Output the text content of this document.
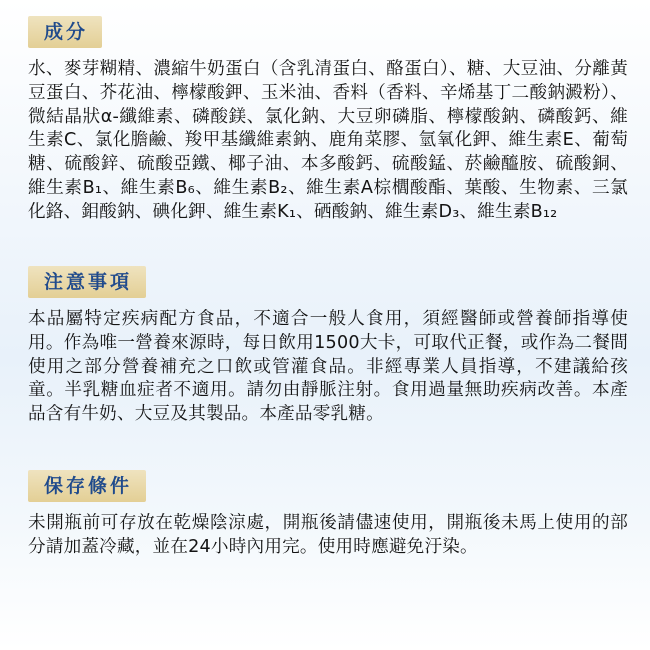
成分
水、麥芽糊精、濃縮牛奶蛋白（含乳清蛋白、酪蛋白）、糖、大豆油、分離黃豆蛋白、芥花油、檸檬酸鉀、玉米油、香料（香料、辛烯基丁二酸鈉澱粉）、微結晶狀α-纖維素、磷酸鎂、氯化鈉、大豆卵磷脂、檸檬酸鈉、磷酸鈣、維生素C、氯化膽鹼、羧甲基纖維素鈉、鹿角菜膠、氫氧化鉀、維生素E、葡萄糖、硫酸鋅、硫酸亞鐵、椰子油、本多酸鈣、硫酸錳、菸鹼醯胺、硫酸銅、維生素B₁、維生素B₆、維生素B₂、維生素A棕櫚酸酯、葉酸、生物素、三氯化鉻、鉬酸鈉、碘化鉀、維生素K₁、硒酸鈉、維生素D₃、維生素B₁₂
注意事項
本品屬特定疾病配方食品，不適合一般人食用，須經醫師或營養師指導使用。作為唯一營養來源時，每日飲用1500大卡，可取代正餐，或作為二餐間使用之部分營養補充之口飲或管灌食品。非經專業人員指導，不建議給孩童。半乳糖血症者不適用。請勿由靜脈注射。食用過量無助疾病改善。本產品含有牛奶、大豆及其製品。本產品零乳糖。
保存條件
未開瓶前可存放在乾燥陰涼處，開瓶後請儘速使用，開瓶後未馬上使用的部分請加蓋冷藏，並在24小時內用完。使用時應避免汙染。
